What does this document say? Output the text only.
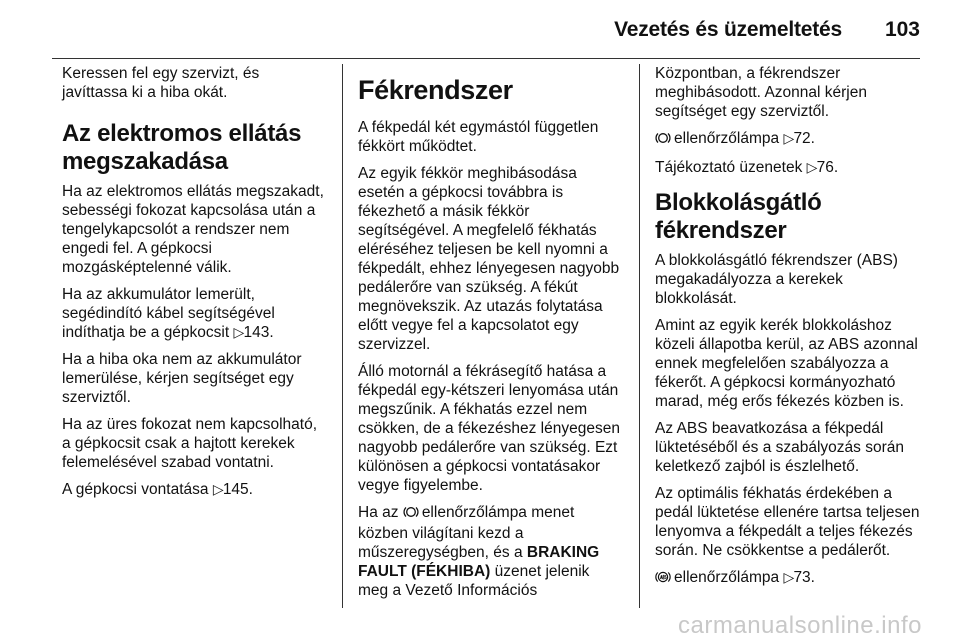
Vezetés és üzemeltetés 103

Keressen fel egy szervizt, és javíttassa ki a hiba okát.

Az elektromos ellátás megszakadása

Ha az elektromos ellátás megszakadt, sebességi fokozat kapcsolása után a tengelykapcsolót a rendszer nem engedi fel. A gépkocsi mozgásképtelenné válik.

Ha az akkumulátor lemerült, segédindító kábel segítségével indíthatja be a gépkocsit ▷143.

Ha a hiba oka nem az akkumulátor lemerülése, kérjen segítséget egy szerviztől.

Ha az üres fokozat nem kapcsolható, a gépkocsit csak a hajtott kerekek felemelésével szabad vontatni.

A gépkocsi vontatása ▷145.

Fékrendszer

A fékpedál két egymástól független fékkört működtet.

Az egyik fékkör meghibásodása esetén a gépkocsi továbbra is fékezhető a másik fékkör segítségével. A megfelelő fékhatás eléréséhez teljesen be kell nyomni a fékpedált, ehhez lényegesen nagyobb pedálerőre van szükség. A fékút megnövekszik. Az utazás folytatása előtt vegye fel a kapcsolatot egy szervizzel.

Álló motornál a fékrásegítő hatása a fékpedál egy-kétszeri lenyomása után megszűnik. A fékhatás ezzel nem csökken, de a fékezéshez lényegesen nagyobb pedálerőre van szükség. Ezt különösen a gépkocsi vontatásakor vegye figyelembe.

Ha az ellenőrzőlámpa menet közben világítani kezd a műszeregységben, és a BRAKING FAULT (FÉKHIBA) üzenet jelenik meg a Vezető Információs

Központban, a fékrendszer meghibásodott. Azonnal kérjen segítséget egy szerviztől.

ellenőrzőlámpa ▷72.

Tájékoztató üzenetek ▷76.

Blokkolásgátló fékrendszer

A blokkolásgátló fékrendszer (ABS) megakadályozza a kerekek blokkolását.

Amint az egyik kerék blokkoláshoz közeli állapotba kerül, az ABS azonnal ennek megfelelően szabályozza a fékerőt. A gépkocsi kormányozható marad, még erős fékezés közben is.

Az ABS beavatkozása a fékpedál lüktetéséből és a szabályozás során keletkező zajból is észlelhető.

Az optimális fékhatás érdekében a pedál lüktetése ellenére tartsa teljesen lenyomva a fékpedált a teljes fékezés során. Ne csökkentse a pedálerőt.

ellenőrzőlámpa ▷73.

carmanualsonline.info
